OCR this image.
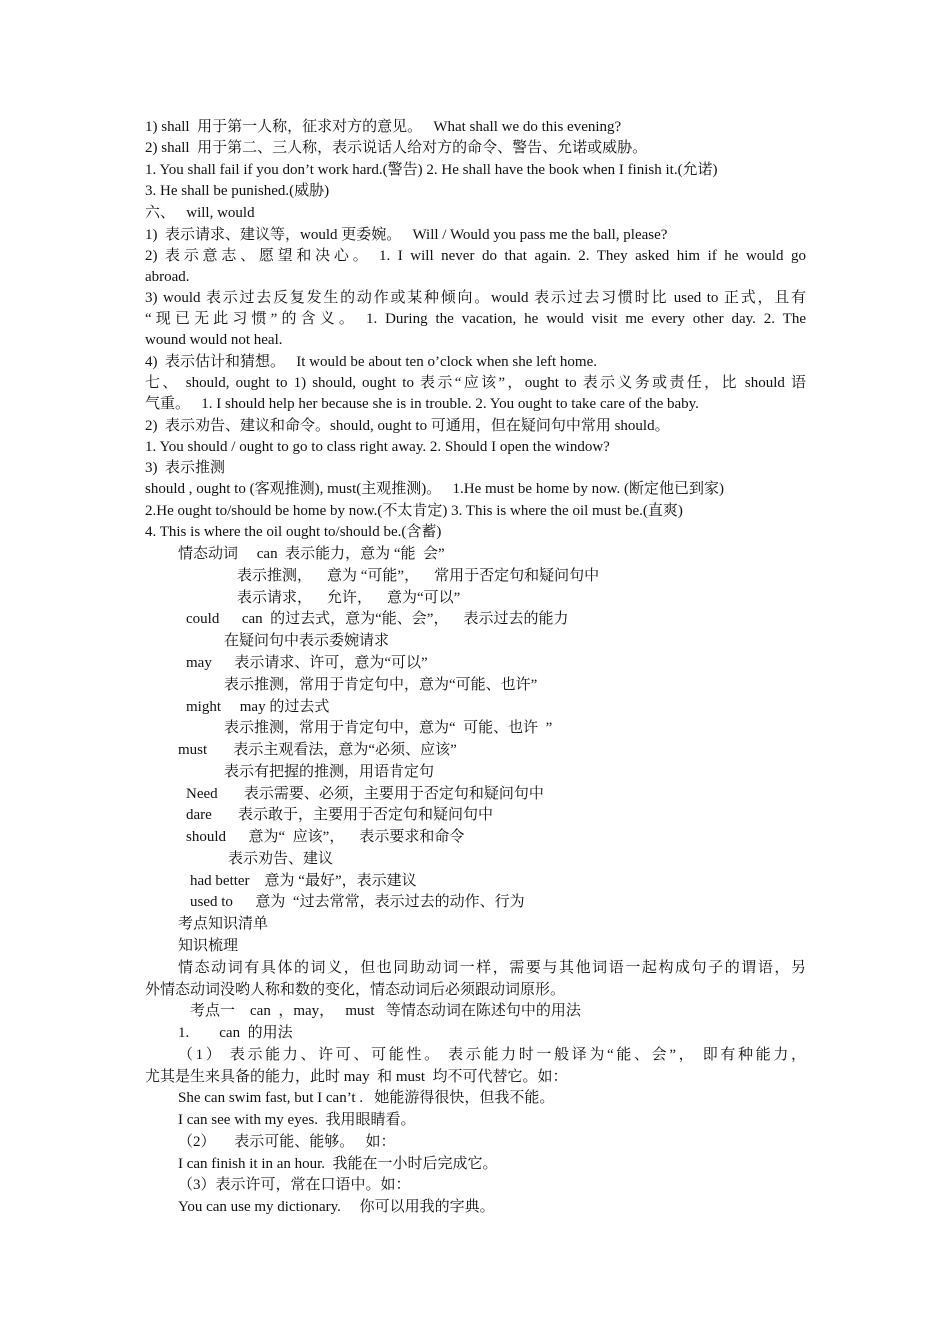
1) shall  用于第一人称，征求对方的意见。   What shall we do this evening?
2) shall  用于第二、三人称，表示说话人给对方的命令、警告、允诺或威胁。
1. You shall fail if you don’t work hard.(警告) 2. He shall have the book when I finish it.(允诺)
3. He shall be punished.(威胁)
六、   will, would
1)  表示请求、建议等，would 更委婉。   Will / Would you pass me the ball, please?
2) 表示意志、愿望和决心。 1. I will never do that again. 2. They asked him if he would go
abroad.
3) would 表示过去反复发生的动作或某种倾向。would 表示过去习惯时比 used to 正式，且有
“现已无此习惯”的含义。 1. During the vacation, he would visit me every other day. 2. The
wound would not heal.
4)  表示估计和猜想。   It would be about ten o’clock when she left home.
七、 should, ought to 1) should, ought to 表示“应该”，ought to 表示义务或责任，比 should 语
气重。   1. I should help her because she is in trouble. 2. You ought to take care of the baby.
2)  表示劝告、建议和命令。should, ought to 可通用，但在疑问句中常用 should。
1. You should / ought to go to class right away. 2. Should I open the window?
3)  表示推测
should , ought to (客观推测), must(主观推测)。   1.He must be home by now. (断定他已到家)
2.He ought to/should be home by now.(不太肯定) 3. This is where the oil must be.(直爽)
4. This is where the oil ought to/should be.(含蓄)
情态动词     can  表示能力，意为 “能  会”
表示推测，    意为 “可能”，    常用于否定句和疑问句中
表示请求，    允许，    意为“可以”
could      can  的过去式，意为“能、会”，    表示过去的能力
在疑问句中表示委婉请求
may      表示请求、许可，意为“可以”
表示推测，常用于肯定句中，意为“可能、也许”
might     may 的过去式
表示推测，常用于肯定句中，意为“  可能、也许  ”
must       表示主观看法，意为“必须、应该”
表示有把握的推测，用语肯定句
Need       表示需要、必须，主要用于否定句和疑问句中
dare       表示敢于，主要用于否定句和疑问句中
should      意为“  应该”，    表示要求和命令
表示劝告、建议
had better    意为 “最好”，表示建议
used to      意为  “过去常常，表示过去的动作、行为
考点知识清单
知识梳理
情态动词有具体的词义，但也同助动词一样，需要与其他词语一起构成句子的谓语，另
外情态动词没哟人称和数的变化，情态动词后必须跟动词原形。
考点一    can  ，may，   must   等情态动词在陈述句中的用法
1.        can  的用法
（1） 表示能力、许可、可能性。 表示能力时一般译为“能、会”， 即有种能力，
尤其是生来具备的能力，此时 may  和 must  均不可代替它。如：
She can swim fast, but I can’t .   她能游得很快，但我不能。
I can see with my eyes.  我用眼睛看。
（2）     表示可能、能够。   如：
I can finish it in an hour.  我能在一小时后完成它。
（3）表示许可，常在口语中。如：
You can use my dictionary.     你可以用我的字典。
